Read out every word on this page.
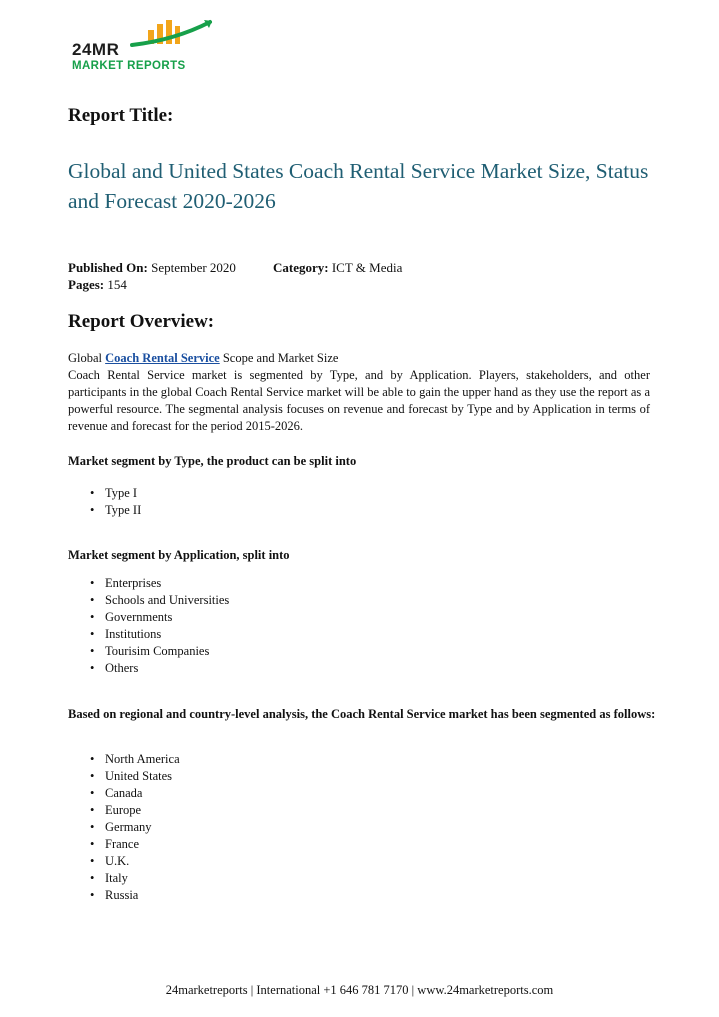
24MR
MARKET REPORTS
Report Title:
Global and United States Coach Rental Service Market Size, Status and Forecast 2020-2026
Published On: September 2020	Category: ICT & Media
Pages: 154
Report Overview:
Global Coach Rental Service Scope and Market Size
Coach Rental Service market is segmented by Type, and by Application. Players, stakeholders, and other participants in the global Coach Rental Service market will be able to gain the upper hand as they use the report as a powerful resource. The segmental analysis focuses on revenue and forecast by Type and by Application in terms of revenue and forecast for the period 2015-2026.
Market segment by Type, the product can be split into
• Type I
• Type II
Market segment by Application, split into
• Enterprises
• Schools and Universities
• Governments
• Institutions
• Tourisim Companies
• Others
Based on regional and country-level analysis, the Coach Rental Service market has been segmented as follows:
• North America
• United States
• Canada
• Europe
• Germany
• France
• U.K.
• Italy
• Russia
24marketreports | International +1 646 781 7170 | www.24marketreports.com
